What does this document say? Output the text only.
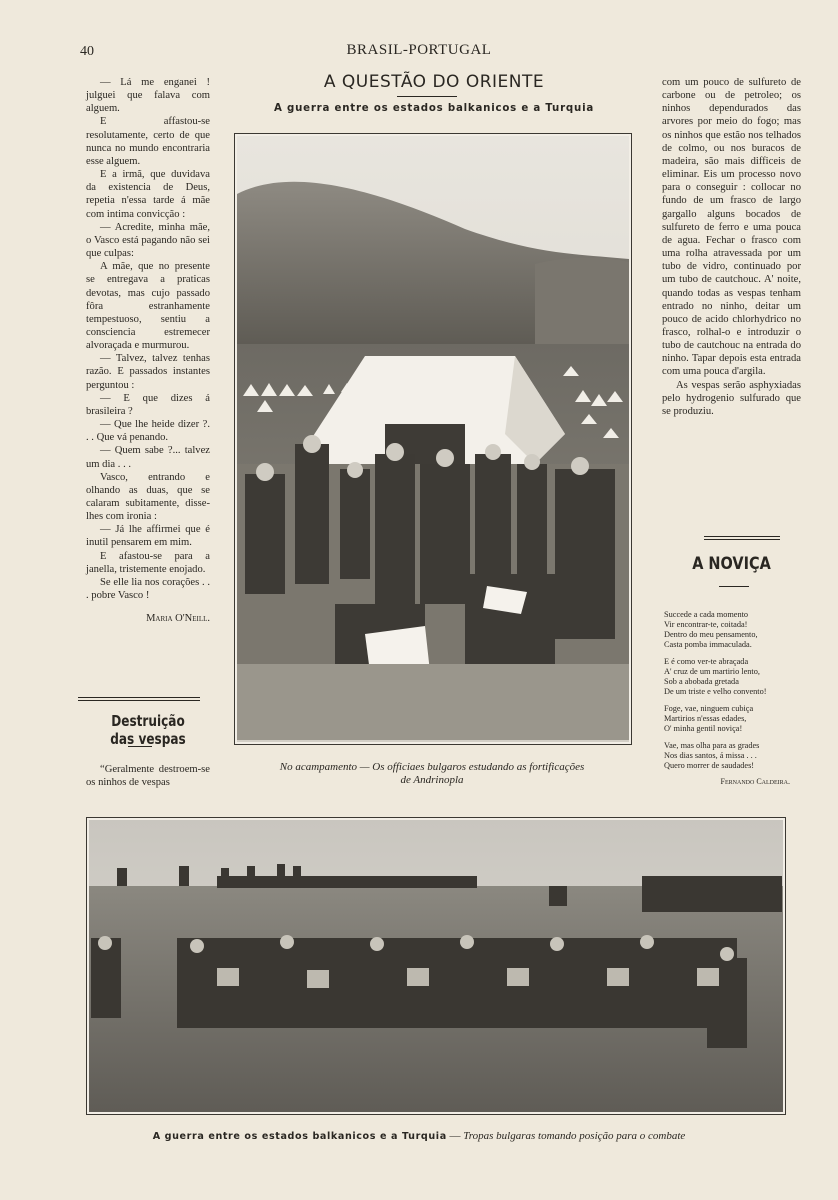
40	BRASIL-PORTUGAL

— Lá me enganei ! julguei que falava com alguem.

E affastou-se resolutamente, certo de que nunca no mundo encontraria esse alguem.

E a irmã, que duvidava da existencia de Deus, repetia n'essa tarde á mãe com intima convicção :

— Acredite, minha mãe, o Vasco está pagando não sei que culpas:

A mãe, que no presente se entregava a praticas devotas, mas cujo passado fôra estranhamente tempestuoso, sentiu a consciencia estremecer alvoraçada e murmurou.

— Talvez, talvez tenhas razão. E passados instantes perguntou :

— E que dizes á brasileira ?

— Que lhe heide dizer ?. . . Que vá penando.

— Quem sabe ?... talvez um dia . . .

Vasco, entrando e olhando as duas, que se calaram subitamente, disse-lhes com ironia :

— Já lhe affirmei que é inutil pensarem em mim.

E afastou-se para a janella, tristemente enojado.

Se elle lia nos corações . . . pobre Vasco !

Maria O'Neill.

Destruição das vespas

“Geralmente destroem-se os ninhos de vespas

A QUESTÃO DO ORIENTE
A guerra entre os estados balkanicos e a Turquia
No acampamento — Os officiaes bulgaros estudando as fortificações
de Andrinopla

com um pouco de sulfureto de carbone ou de petroleo; os ninhos dependurados das arvores por meio do fogo; mas os ninhos que estão nos telhados de colmo, ou nos buracos de madeira, são mais difficeis de eliminar. Eis um processo novo para o conseguir : collocar no fundo de um frasco de largo gargallo alguns bocados de sulfureto de ferro e uma pouca de agua. Fechar o frasco com uma rolha atravessada por um tubo de vidro, continuado por um tubo de cautchouc. A' noite, quando todas as vespas tenham entrado no ninho, deitar um pouco de acido chlorhydrico no frasco, rolhal-o e introduzir o tubo de cautchouc na entrada do ninho. Tapar depois esta entrada com uma pouca d'argila.

As vespas serão asphyxiadas pelo hydrogenio sulfurado que se produziu.

A NOVIÇA
Succede a cada momento
Vir encontrar-te, coitada!
Dentro do meu pensamento,
Casta pomba immaculada.
E é como ver-te abraçada
A' cruz de um martirio lento,
Sob a abobada gretada
De um triste e velho convento!
Foge, vae, ninguem cubiça
Martirios n'essas edades,
O' minha gentil noviça!
Vae, mas olha para as grades
Nos dias santos, á missa . . .
Quero morrer de saudades!
Fernando Caldeira.
A guerra entre os estados balkanicos e a Turquia — Tropas bulgaras tomando posição para o combate
